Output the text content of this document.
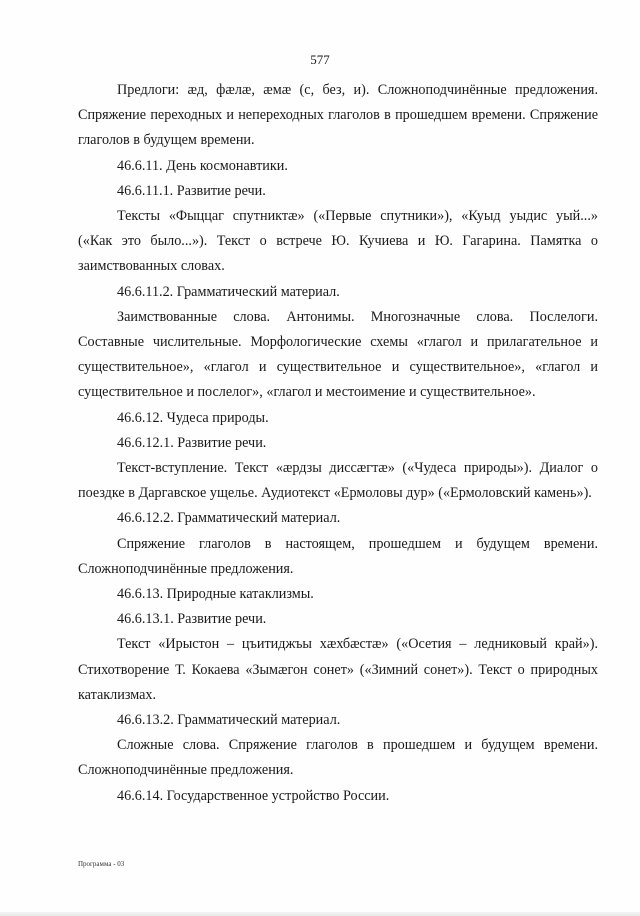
577

Предлоги: æд, фæлæ, æмæ (с, без, и). Сложноподчинённые предложения. Спряжение переходных и непереходных глаголов в прошедшем времени. Спряжение глаголов в будущем времени.

46.6.11. День космонавтики.

46.6.11.1. Развитие речи.

Тексты «Фыццаг спутниктæ» («Первые спутники»), «Куыд уыдис уый...» («Как это было...»). Текст о встрече Ю. Кучиева и Ю. Гагарина. Памятка о заимствованных словах.

46.6.11.2. Грамматический материал.

Заимствованные слова. Антонимы. Многозначные слова. Послелоги. Составные числительные. Морфологические схемы «глагол и прилагательное и существительное», «глагол и существительное и существительное», «глагол и существительное и послелог», «глагол и местоимение и существительное».

46.6.12. Чудеса природы.

46.6.12.1. Развитие речи.

Текст-вступление. Текст «æрдзы диссæгтæ» («Чудеса природы»). Диалог о поездке в Даргавское ущелье. Аудиотекст «Ермоловы дур» («Ермоловский камень»).

46.6.12.2. Грамматический материал.

Спряжение глаголов в настоящем, прошедшем и будущем времени. Сложноподчинённые предложения.

46.6.13. Природные катаклизмы.

46.6.13.1. Развитие речи.

Текст «Ирыстон – цъитиджъы хæхбæстæ» («Осетия – ледниковый край»). Стихотворение Т. Кокаева «Зымæгон сонет» («Зимний сонет»). Текст о природных катаклизмах.

46.6.13.2. Грамматический материал.

Сложные слова. Спряжение глаголов в прошедшем и будущем времени. Сложноподчинённые предложения.

46.6.14. Государственное устройство России.

Программа - 03
